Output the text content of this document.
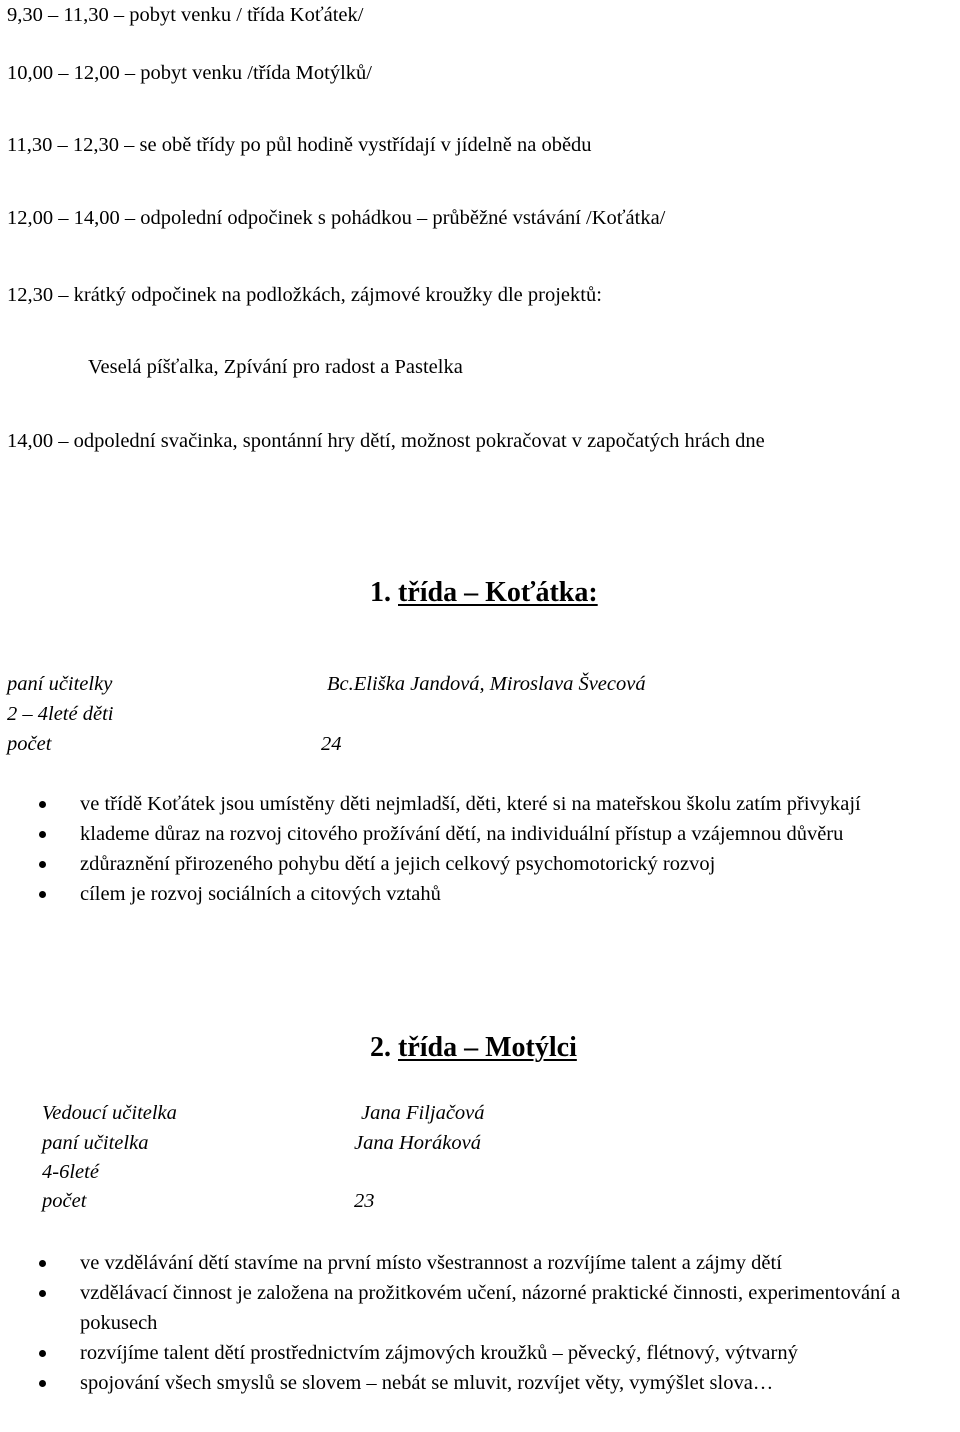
9,30 – 11,30 – pobyt venku / třída Koťátek/
10,00 – 12,00 – pobyt venku /třída Motýlků/
11,30 – 12,30 – se obě třídy po půl hodině vystřídají v jídelně na obědu
12,00 – 14,00 – odpolední odpočinek s pohádkou – průběžné vstávání /Koťátka/
12,30 – krátký odpočinek na podložkách, zájmové kroužky dle projektů:
Veselá píšťalka, Zpívání pro radost a Pastelka
14,00 – odpolední svačinka, spontánní hry dětí, možnost pokračovat v započatých hrách dne
1. třída – Koťátka:
paní učitelky	Bc.Eliška Jandová, Miroslava Švecová
2 – 4leté děti
počet	24
ve třídě Koťátek jsou umístěny děti nejmladší, děti, které si na mateřskou školu zatím přivykají
klademe důraz na rozvoj citového prožívání dětí, na individuální přístup a vzájemnou důvěru
zdůraznění přirozeného pohybu dětí a jejich celkový psychomotorický rozvoj
cílem je rozvoj sociálních a citových vztahů
2. třída – Motýlci
Vedoucí učitelka	Jana Filjačová
paní učitelka	Jana Horáková
4-6leté
počet	23
ve vzdělávání dětí stavíme na první místo všestrannost a rozvíjíme talent a zájmy dětí
vzdělávací činnost je založena na prožitkovém učení, názorné praktické činnosti, experimentování a pokusech
rozvíjíme talent dětí prostřednictvím zájmových kroužků – pěvecký, flétnový, výtvarný
spojování všech smyslů se slovem – nebát se mluvit, rozvíjet věty, vymýšlet slova…
